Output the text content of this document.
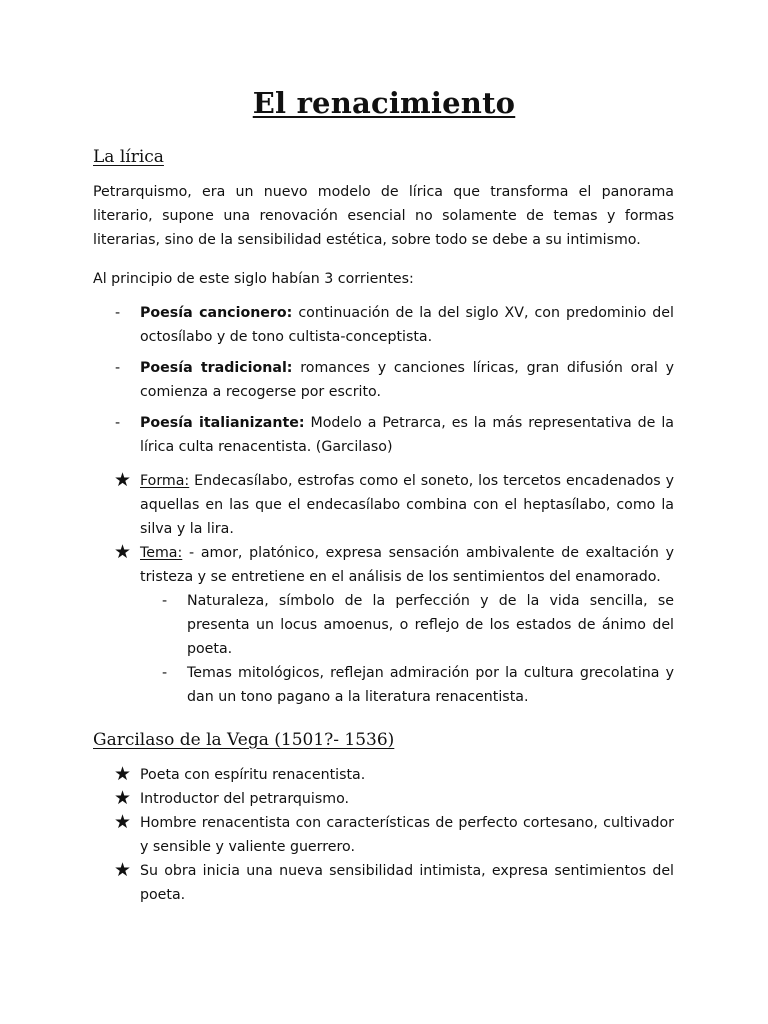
El renacimiento
La lírica

Petrarquismo, era un nuevo modelo de lírica que transforma el panorama literario, supone una renovación esencial no solamente de temas y formas literarias, sino de la sensibilidad estética, sobre todo se debe a su intimismo.

Al principio de este siglo habían 3 corrientes:

- Poesía cancionero: continuación de la del siglo XV, con predominio del octosílabo y de tono cultista-conceptista.

- Poesía tradicional: romances y canciones líricas, gran difusión oral y comienza a recogerse por escrito.

- Poesía italianizante: Modelo a Petrarca, es la más representativa de la lírica culta renacentista. (Garcilaso)

★ Forma: Endecasílabo, estrofas como el soneto, los tercetos encadenados y aquellas en las que el endecasílabo combina con el heptasílabo, como la silva y la lira.

★ Tema: - amor, platónico, expresa sensación ambivalente de exaltación y tristeza y se entretiene en el análisis de los sentimientos del enamorado.

- Naturaleza, símbolo de la perfección y de la vida sencilla, se presenta un locus amoenus, o reflejo de los estados de ánimo del poeta.

- Temas mitológicos, reflejan admiración por la cultura grecolatina y dan un tono pagano a la literatura renacentista.

Garcilaso de la Vega (1501?- 1536)
★ Poeta con espíritu renacentista.

★ Introductor del petrarquismo.

★ Hombre renacentista con características de perfecto cortesano, cultivador y sensible y valiente guerrero.

★ Su obra inicia una nueva sensibilidad intimista, expresa sentimientos del poeta.
